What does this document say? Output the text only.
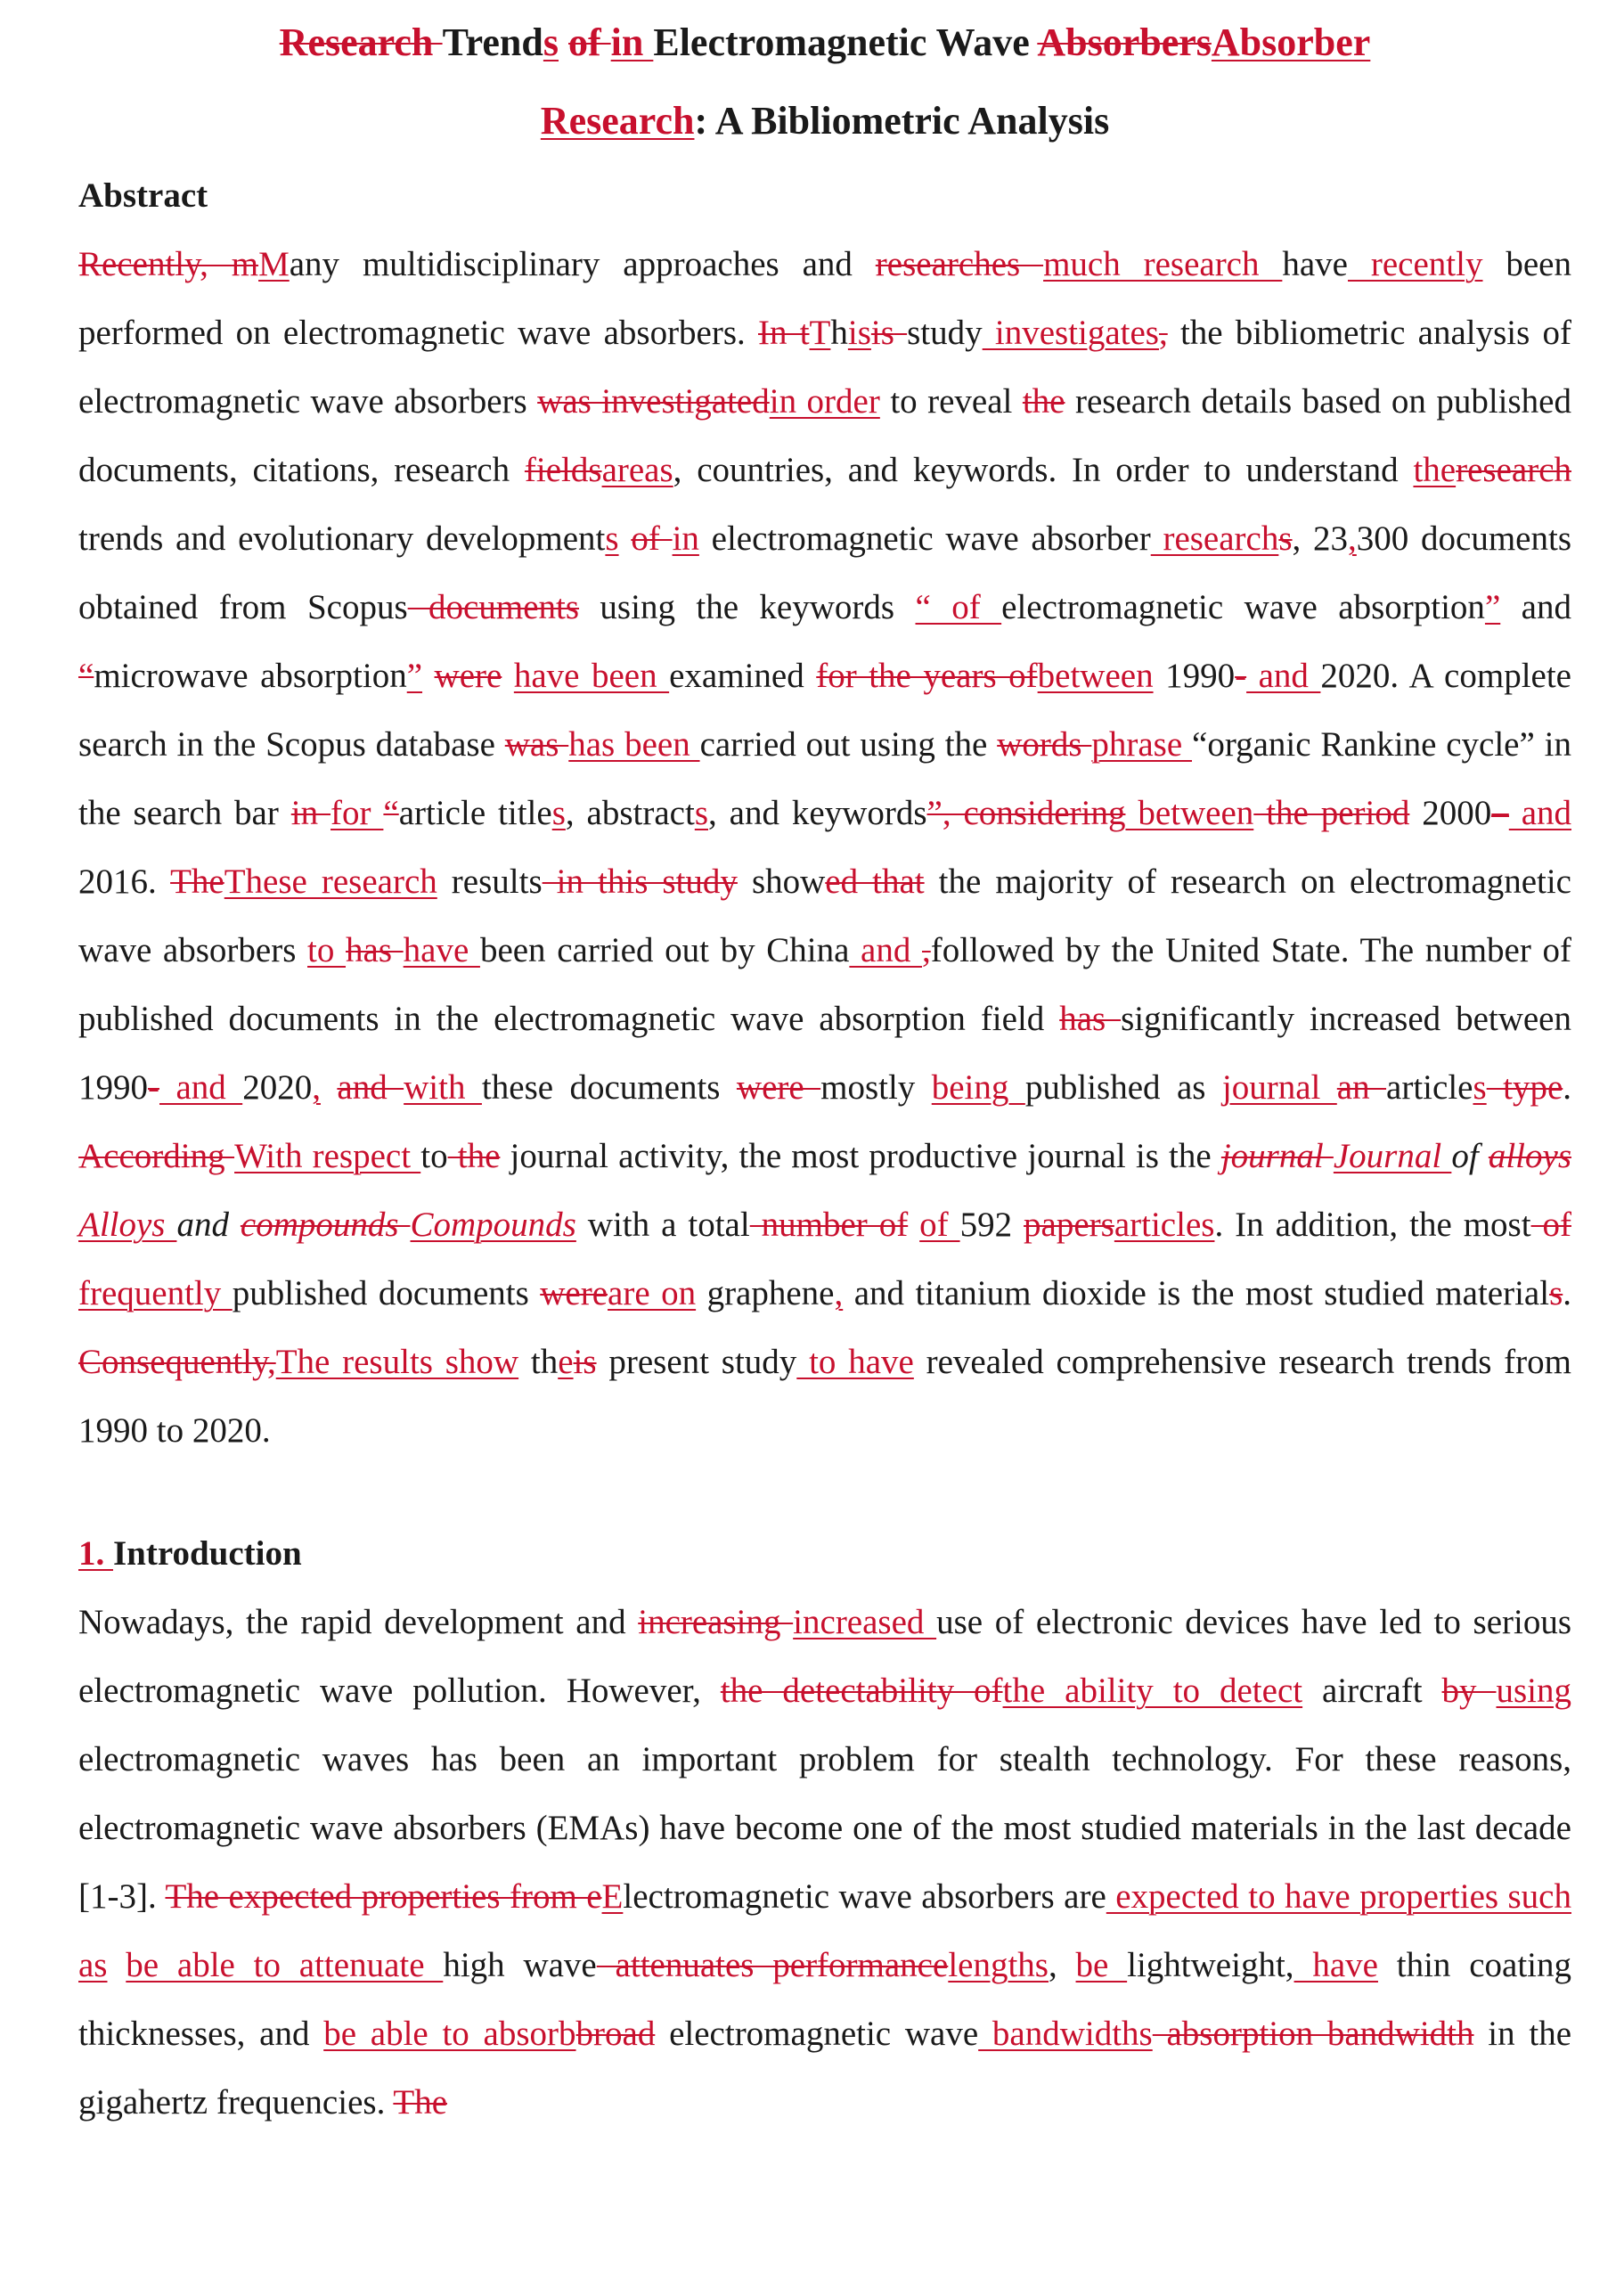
Research Trends of in Electromagnetic Wave AbsorbersAbsorber
Research: A Bibliometric Analysis
Abstract

Recently, mMany multidisciplinary approaches and researches much research have recently been performed on electromagnetic wave absorbers. In tThisis study investigates, the bibliometric analysis of electromagnetic wave absorbers was investigatedin order to reveal the research details based on published documents, citations, research fieldsareas, countries, and keywords. In order to understand theresearch trends and evolutionary developments of in electromagnetic wave absorber researchs, 23,300 documents obtained from Scopus documents using the keywords “ of electromagnetic wave absorption” and “microwave absorption” were have been examined for the years ofbetween 1990- and 2020. A complete search in the Scopus database was has been carried out using the words phrase “organic Rankine cycle” in the search bar in for “article titles, abstracts, and keywords”, considering between the period 2000– and 2016. TheThese research results in this study showed that the majority of research on electromagnetic wave absorbers to has have been carried out by China and ,followed by the United State. The number of published documents in the electromagnetic wave absorption field has significantly increased between 1990- and 2020, and with these documents were mostly being published as journal an articles type. According With respect to the journal activity, the most productive journal is the journal Journal of alloys Alloys and compounds Compounds with a total number of of 592 papersarticles. In addition, the most of frequently published documents wereare on graphene, and titanium dioxide is the most studied materials. Consequently,The results show theis present study to have revealed comprehensive research trends from 1990 to 2020.

1. Introduction

Nowadays, the rapid development and increasing increased use of electronic devices have led to serious electromagnetic wave pollution. However, the detectability ofthe ability to detect aircraft by using electromagnetic waves has been an important problem for stealth technology. For these reasons, electromagnetic wave absorbers (EMAs) have become one of the most studied materials in the last decade [1-3]. The expected properties from eElectromagnetic wave absorbers are expected to have properties such as be able to attenuate high wave attenuates performancelengths, be lightweight, have thin coating thicknesses, and be able to absorbbroad electromagnetic wave bandwidths absorption bandwidth in the gigahertz frequencies. The
